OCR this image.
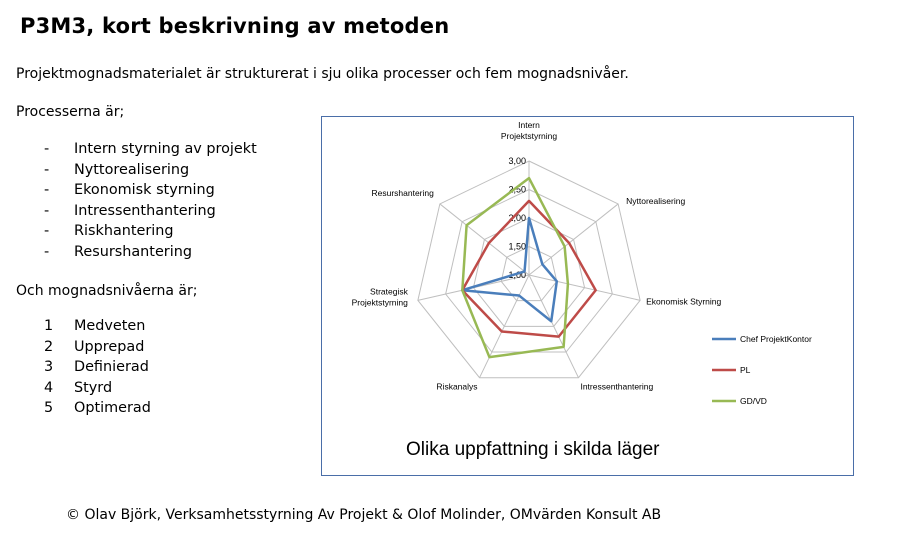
P3M3, kort beskrivning av metoden
Projektmognadsmaterialet är strukturerat i sju olika processer och fem mognadsnivåer.
Processerna är;
- Intern styrning av projekt
- Nyttorealisering
- Ekonomisk styrning
- Intressenthantering
- Riskhantering
- Resurshantering
Och mognadsnivåerna är;
1 Medveten
2 Upprepad
3 Definierad
4 Styrd
5 Optimerad
1,00
1,50
2,00
2,50
3,00
Intern Projektstyrning
Nyttorealisering
Ekonomisk Styrning
Intressenthantering
Riskanalys
Strategisk Projektstyrning
Resurshantering
Chef ProjektKontor
PL
GD/VD
Olika uppfattning i skilda läger
© Olav Björk, Verksamhetsstyrning Av Projekt & Olof Molinder, OMvärden Konsult AB
